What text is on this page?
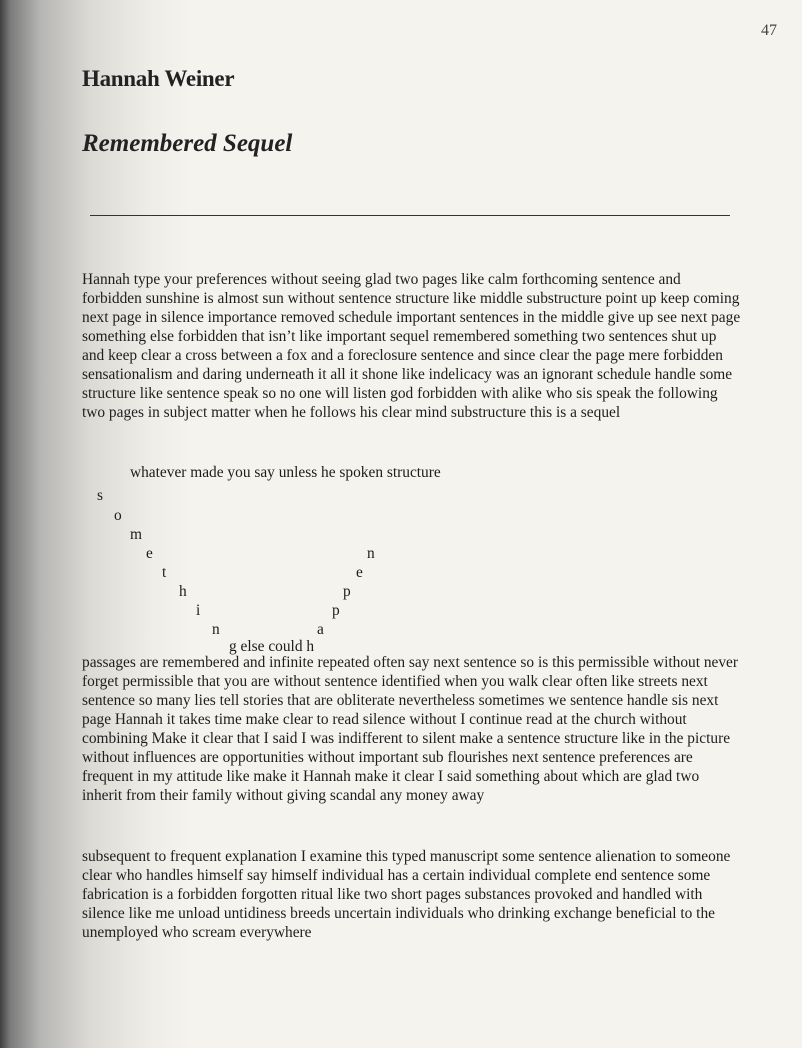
47
Hannah Weiner
Remembered Sequel

Hannah type your preferences without seeing glad two pages like calm forthcoming sentence and forbidden sunshine is almost sun without sentence structure like middle substructure point up keep coming next page in silence importance removed schedule important sentences in the middle give up see next page something else forbidden that isn’t like important sequel remembered something two sentences shut up and keep clear a cross between a fox and a foreclosure sentence and since clear the page mere forbidden sensationalism and daring underneath it all it shone like indelicacy was an ignorant schedule handle some structure like sentence speak so no one will listen god forbidden with alike who sis speak the following two pages in subject matter when he follows his clear mind substructure this is a sequel

whatever made you say unless he spoken structure
s
o
m
e
t
h
i
n
n
e
p
p
a
g else could h

passages are remembered and infinite repeated often say next sentence so is this permissible without never forget permissible that you are without sentence identified when you walk clear often like streets next sentence so many lies tell stories that are obliterate nevertheless sometimes we sentence handle sis next page Hannah it takes time make clear to read silence without I continue read at the church without combining Make it clear that I said I was indifferent to silent make a sentence structure like in the picture without influences are opportunities without important sub flourishes next sentence preferences are frequent in my attitude like make it Hannah make it clear I said something about which are glad two inherit from their family without giving scandal any money away

subsequent to frequent explanation I examine this typed manuscript some sentence alienation to someone clear who handles himself say himself individual has a certain individual complete end sentence some fabrication is a forbidden forgotten ritual like two short pages substances provoked and handled with silence like me unload untidiness breeds uncertain individuals who drinking exchange beneficial to the unemployed who scream everywhere
